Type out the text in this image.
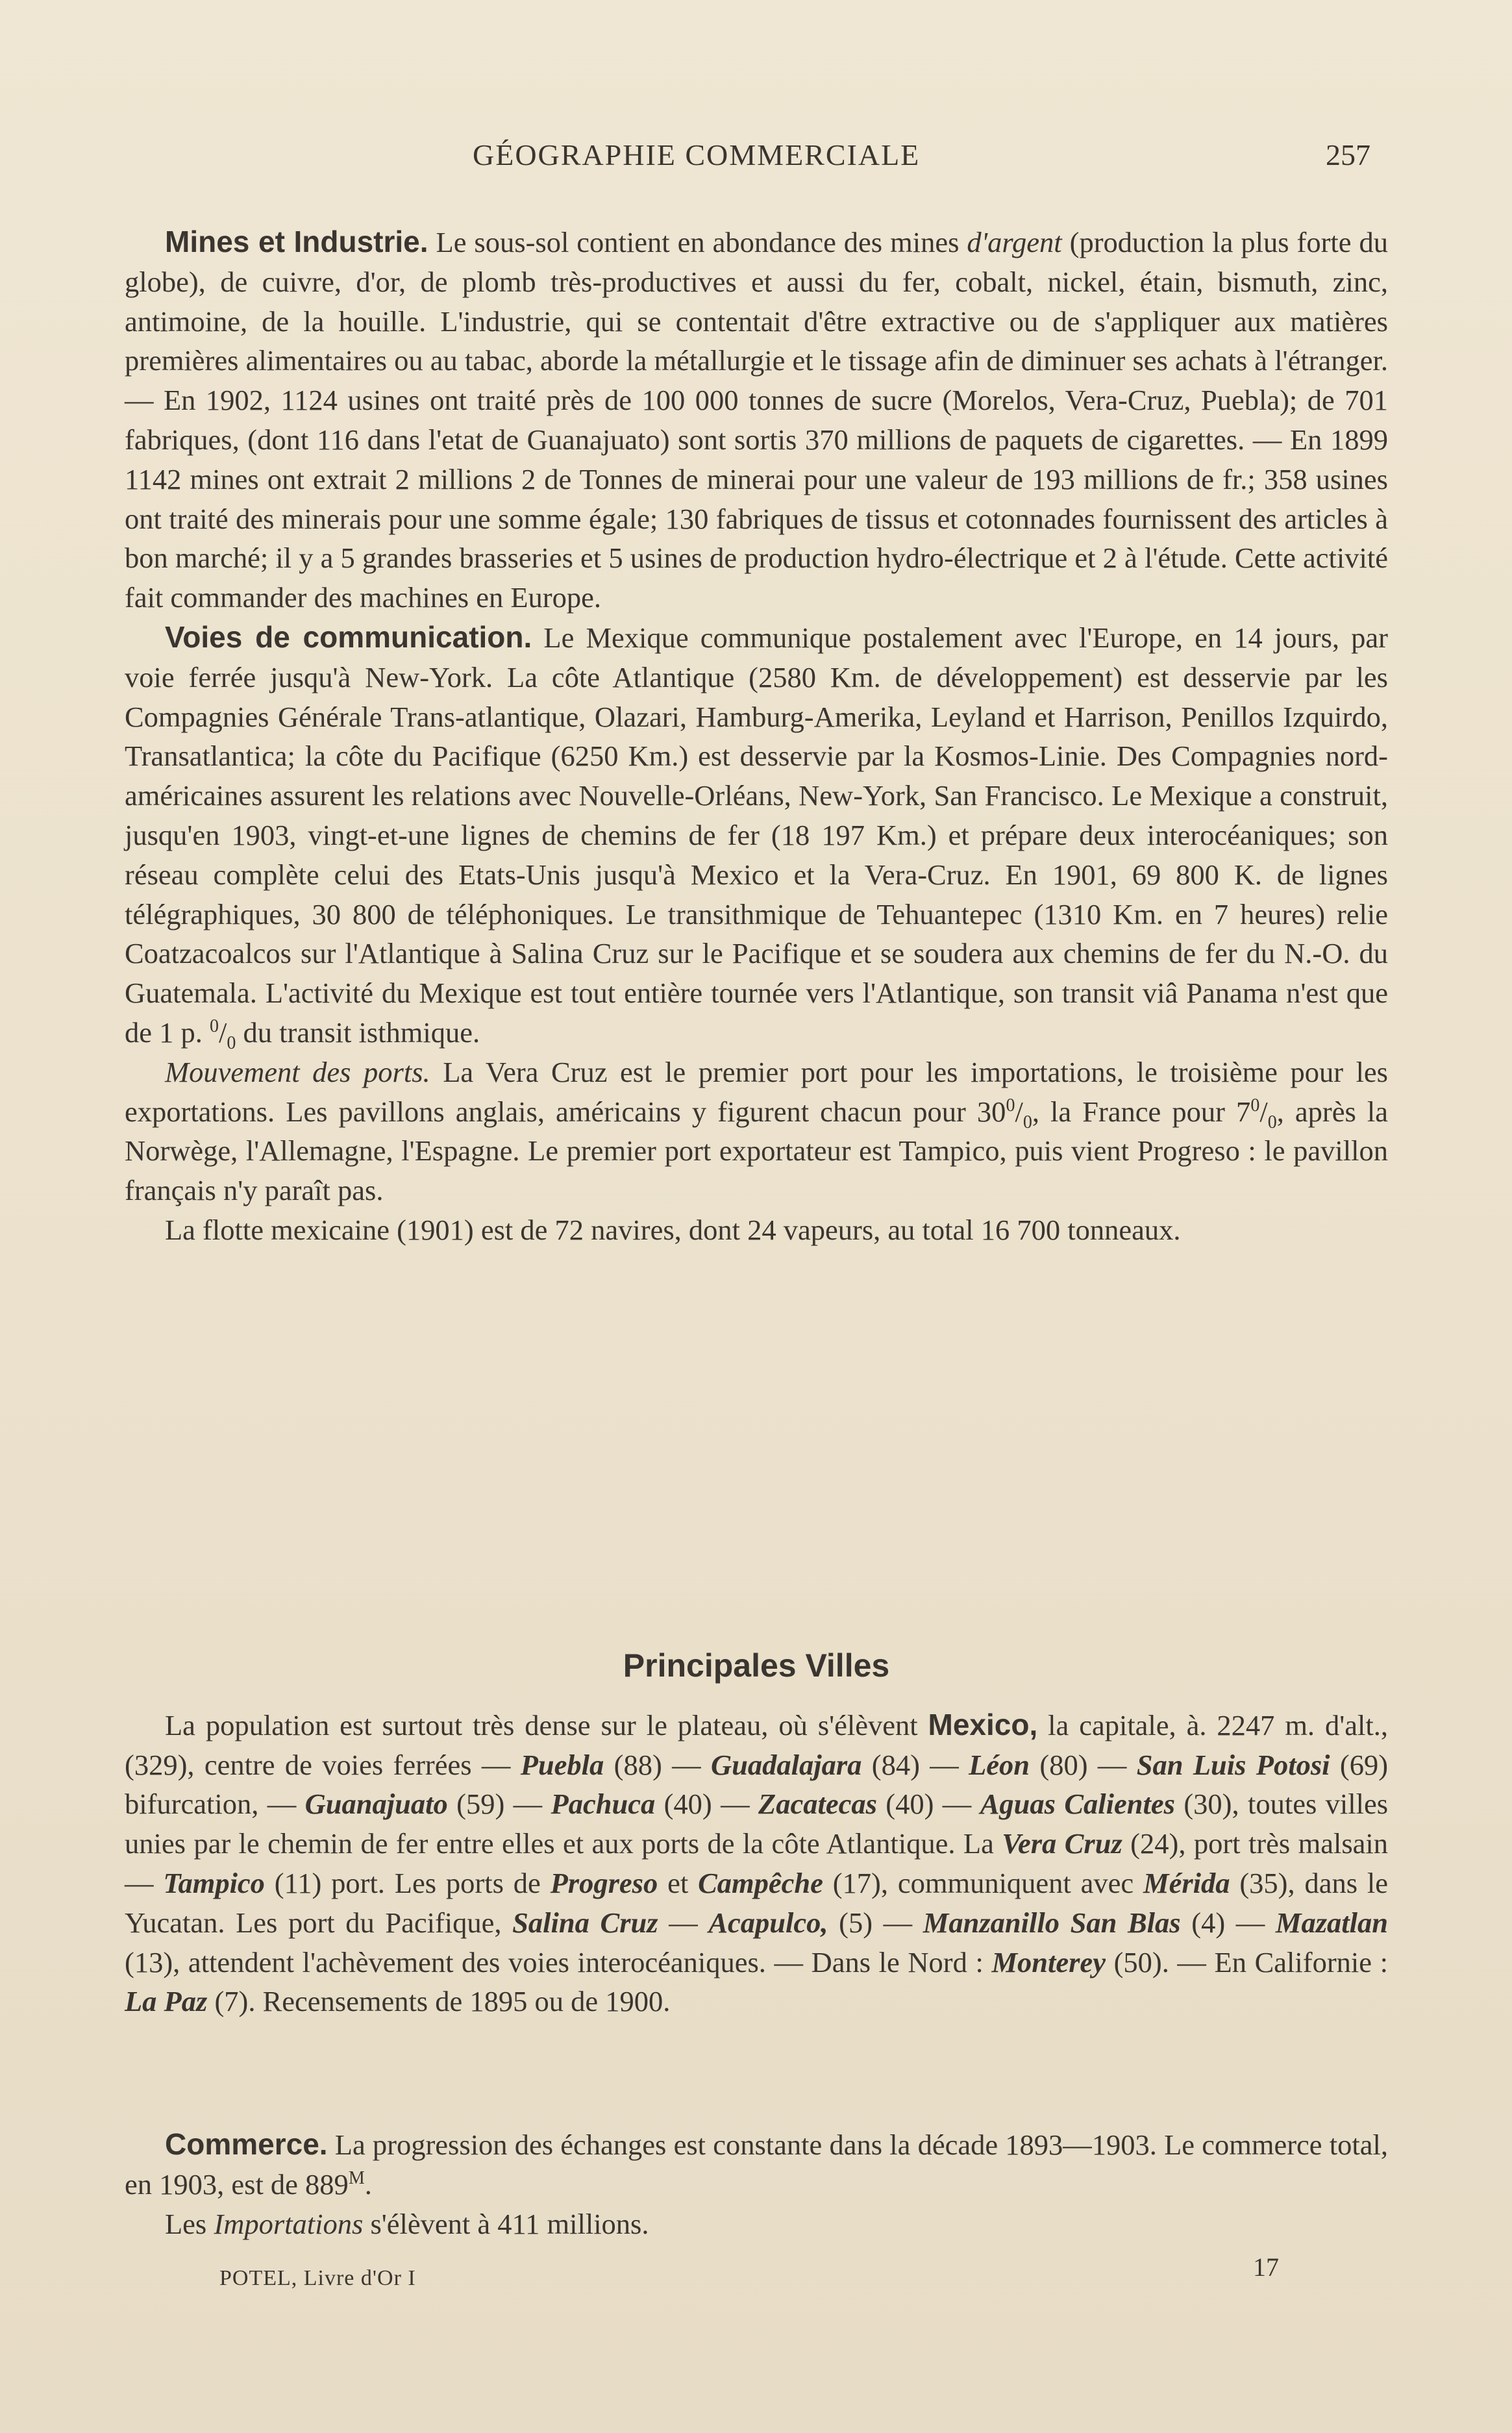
GÉOGRAPHIE COMMERCIALE	257

Mines et Industrie. Le sous-sol contient en abondance des mines d'argent (production la plus forte du globe), de cuivre, d'or, de plomb très-productives et aussi du fer, cobalt, nickel, étain, bismuth, zinc, antimoine, de la houille. L'industrie, qui se contentait d'être extractive ou de s'appliquer aux matières premières alimentaires ou au tabac, aborde la métallurgie et le tissage afin de diminuer ses achats à l'étranger. — En 1902, 1124 usines ont traité près de 100 000 tonnes de sucre (Morelos, Vera-Cruz, Puebla); de 701 fabriques, (dont 116 dans l'etat de Guanajuato) sont sortis 370 millions de paquets de cigarettes. — En 1899 1142 mines ont extrait 2 millions 2 de Tonnes de minerai pour une valeur de 193 millions de fr.; 358 usines ont traité des minerais pour une somme égale; 130 fabriques de tissus et cotonnades fournissent des articles à bon marché; il y a 5 grandes brasseries et 5 usines de production hydro-électrique et 2 à l'étude. Cette activité fait commander des machines en Europe.

Voies de communication. Le Mexique communique postalement avec l'Europe, en 14 jours, par voie ferrée jusqu'à New-York. La côte Atlantique (2580 Km. de développement) est desservie par les Compagnies Générale Trans-atlantique, Olazari, Hamburg-Amerika, Leyland et Harrison, Penillos Izquirdo, Transatlantica; la côte du Pacifique (6250 Km.) est desservie par la Kosmos-Linie. Des Compagnies nord-américaines assurent les relations avec Nouvelle-Orléans, New-York, San Francisco. Le Mexique a construit, jusqu'en 1903, vingt-et-une lignes de chemins de fer (18 197 Km.) et prépare deux interocéaniques; son réseau complète celui des Etats-Unis jusqu'à Mexico et la Vera-Cruz. En 1901, 69 800 K. de lignes télégraphiques, 30 800 de téléphoniques. Le transithmique de Tehuantepec (1310 Km. en 7 heures) relie Coatzacoalcos sur l'Atlantique à Salina Cruz sur le Pacifique et se soudera aux chemins de fer du N.-O. du Guatemala. L'activité du Mexique est tout entière tournée vers l'Atlantique, son transit viâ Panama n'est que de 1 p. $^0/_0$ du transit isthmique.

Mouvement des ports. La Vera Cruz est le premier port pour les importations, le troisième pour les exportations. Les pavillons anglais, américains y figurent chacun pour $30^0/_0$, la France pour $7^0/_0$, après la Norwège, l'Allemagne, l'Espagne. Le premier port exportateur est Tampico, puis vient Progreso : le pavillon français n'y paraît pas.

La flotte mexicaine (1901) est de 72 navires, dont 24 vapeurs, au total 16 700 tonneaux.

Principales Villes

La population est surtout très dense sur le plateau, où s'élèvent Mexico, la capitale, à. 2247 m. d'alt., (329), centre de voies ferrées — Puebla (88) — Guadalajara (84) — Léon (80) — San Luis Potosi (69) bifurcation, — Guanajuato (59) — Pachuca (40) — Zacatecas (40) — Aguas Calientes (30), toutes villes unies par le chemin de fer entre elles et aux ports de la côte Atlantique. La Vera Cruz (24), port très malsain — Tampico (11) port. Les ports de Progreso et Campêche (17), communiquent avec Mérida (35), dans le Yucatan. Les port du Pacifique, Salina Cruz — Acapulco, (5) — Manzanillo San Blas (4) — Mazatlan (13), attendent l'achèvement des voies interocéaniques. — Dans le Nord : Monterey (50). — En Californie : La Paz (7). Recensements de 1895 ou de 1900.

Commerce. La progression des échanges est constante dans la décade 1893—1903. Le commerce total, en 1903, est de $889^M$.

Les Importations s'élèvent à 411 millions.

POTEL, Livre d'Or I	17
